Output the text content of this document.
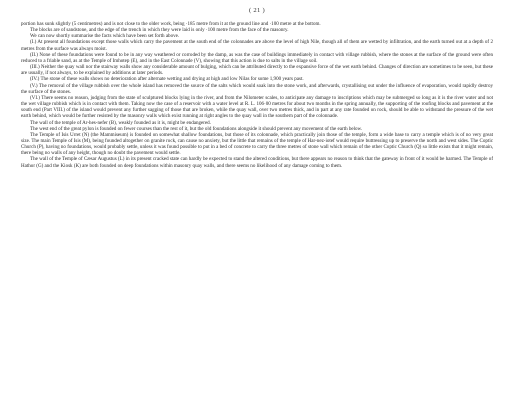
( 21 )

portion has sunk slightly (5 centimetres) and is not close to the older work, being ·185 metre from it at the ground line and ·100 metre at the bottom.

The blocks are of sandstone, and the edge of the trench in which they were laid is only ·100 metre from the face of the masonry.

We can now shortly summarise the facts which have been set forth above.

(I.) At present all foundations except those walls which carry the pavement at the south end of the colonnades are above the level of high Nile, though all of them are wetted by infiltration, and the earth turned out at a depth of 2 metres from the surface was always moist.

(II.) None of these foundations were found to be in any way weathered or corroded by the damp, as was the case of buildings immediately in contact with village rubbish, where the stones at the surface of the ground were often reduced to a friable sand, as at the Temple of Imhotep (E), and in the East Colonnade (V), showing that this action is due to salts in the village soil.

(III.) Neither the quay wall nor the stairway walls show any considerable amount of bulging, which can be attributed directly to the expansive force of the wet earth behind. Changes of direction are sometimes to be seen, but these are usually, if not always, to be explained by additions at later periods.

(IV.) The stone of these walls shows no deterioration after alternate wetting and drying at high and low Nilas for some 1,900 years past.

(V.) The removal of the village rubbish over the whole island has removed the source of the salts which would soak into the stone work, and afterwards, crystallising out under the influence of evaporation, would rapidly destroy the surface of the stones.

(VI.) There seems no reason, judging from the state of sculptured blocks lying in the river, and from the Nilometer scales, to anticipate any damage to inscriptions which may be submerged so long as it is the river water and not the wet village rubbish which is in contact with them. Taking now the case of a reservoir with a water level at R. L. 106·00 metres for about two months in the spring annually, the supporting of the roofing blocks and pavement at the south end (Part VIII.) of the island would prevent any further sagging of those that are broken, while the quay wall, over two metres thick, and in part at any rate founded on rock, should be able to withstand the pressure of the wet earth behind, which would be further resisted by the masonry walls which exist running at right angles to the quay wall in the southern part of the colonnade.

The wall of the temple of Ar-hes-nefer (B), weakly founded as it is, might be endangered.

The west end of the great pylon is founded on fewer courses than the rest of it, but the old foundations alongside it should prevent any movement of the earth below.

The Temple of Isis Urret (N) (the Mammiseum) is founded on somewhat shallow foundations, but those of its colonnade, which practically join those of the temple, form a wide base to carry a temple which is of no very great size. The main Temple of Isis (M), being founded altogether on granite rock, can cause no anxiety, but the little that remains of the temple of Har-nez-iotef would require buttressing up to preserve the north and west sides. The Coptic Church (P), having no foundations, would probably settle, unless it was found possible to put in a bed of concrete to carry the three metres of stone wall which remain of the other Coptic Church (Q) so little exists that it might remain, there being no walls of any height, though no doubt the pavement would settle.

The wall of the Temple of Cæsar Augustus (L) in its present cracked state can hardly be expected to stand the altered conditions, but there appears no reason to think that the gateway in front of it would be harmed. The Temple of Hathor (G) and the Kiosk (K) are both founded on deep foundations within masonry quay walls, and there seems no likelihood of any damage coming to them.
